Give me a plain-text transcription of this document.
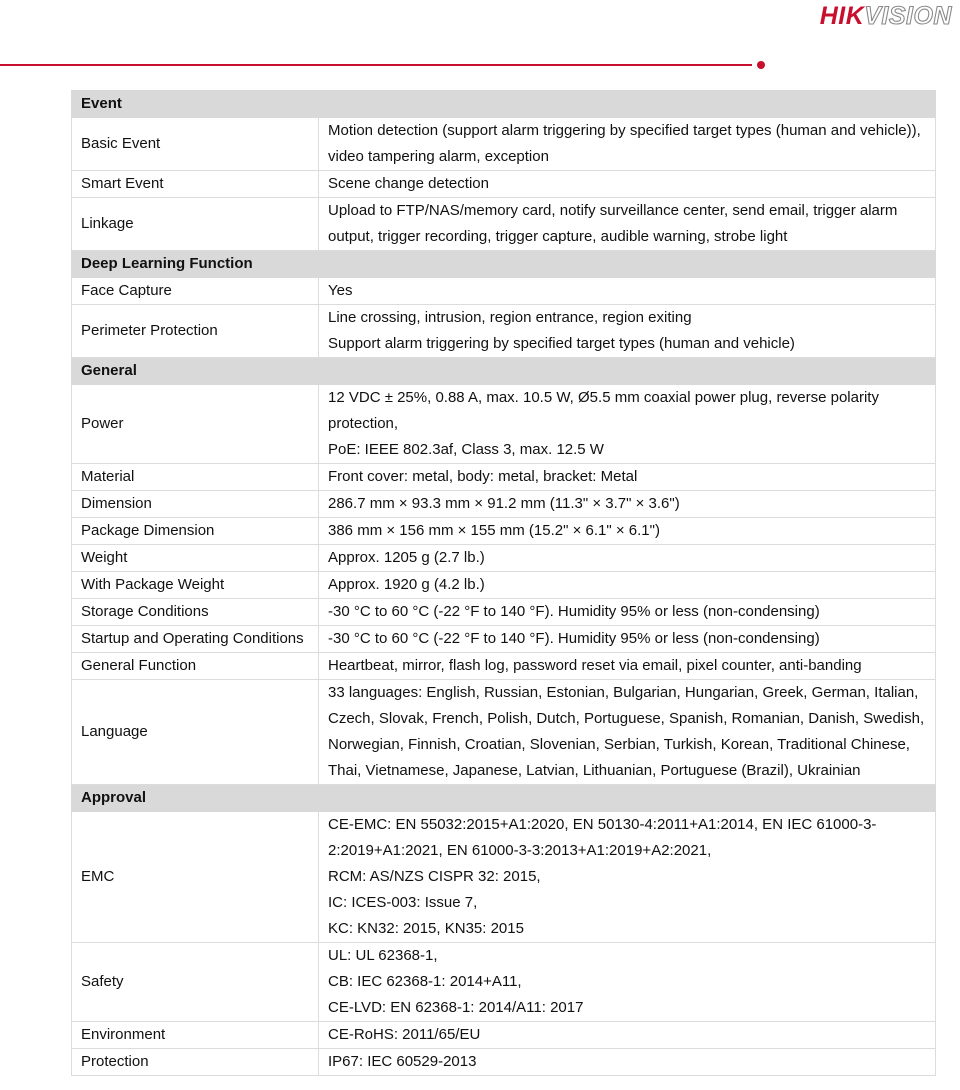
HIKVISION
Event	
Basic Event	Motion detection (support alarm triggering by specified target types (human and vehicle)), video tampering alarm, exception
Smart Event	Scene change detection
Linkage	Upload to FTP/NAS/memory card, notify surveillance center, send email, trigger alarm output, trigger recording, trigger capture, audible warning, strobe light
Deep Learning Function	
Face Capture	Yes
Perimeter Protection	Line crossing, intrusion, region entrance, region exiting
Support alarm triggering by specified target types (human and vehicle)
General	
Power	12 VDC ± 25%, 0.88 A, max. 10.5 W, Ø5.5 mm coaxial power plug, reverse polarity protection,
PoE: IEEE 802.3af, Class 3, max. 12.5 W
Material	Front cover: metal, body: metal, bracket: Metal
Dimension	286.7 mm × 93.3 mm × 91.2 mm (11.3" × 3.7" × 3.6")
Package Dimension	386 mm × 156 mm × 155 mm (15.2" × 6.1" × 6.1")
Weight	Approx. 1205 g (2.7 lb.)
With Package Weight	Approx. 1920 g (4.2 lb.)
Storage Conditions	-30 °C to 60 °C (-22 °F to 140 °F). Humidity 95% or less (non-condensing)
Startup and Operating Conditions	-30 °C to 60 °C (-22 °F to 140 °F). Humidity 95% or less (non-condensing)
General Function	Heartbeat, mirror, flash log, password reset via email, pixel counter, anti-banding
Language	33 languages: English, Russian, Estonian, Bulgarian, Hungarian, Greek, German, Italian, Czech, Slovak, French, Polish, Dutch, Portuguese, Spanish, Romanian, Danish, Swedish, Norwegian, Finnish, Croatian, Slovenian, Serbian, Turkish, Korean, Traditional Chinese, Thai, Vietnamese, Japanese, Latvian, Lithuanian, Portuguese (Brazil), Ukrainian
Approval	
EMC	CE-EMC: EN 55032:2015+A1:2020, EN 50130-4:2011+A1:2014, EN IEC 61000-3-2:2019+A1:2021, EN 61000-3-3:2013+A1:2019+A2:2021,
RCM: AS/NZS CISPR 32: 2015,
IC: ICES-003: Issue 7,
KC: KN32: 2015, KN35: 2015
Safety	UL: UL 62368-1,
CB: IEC 62368-1: 2014+A11,
CE-LVD: EN 62368-1: 2014/A11: 2017
Environment	CE-RoHS: 2011/65/EU
Protection	IP67: IEC 60529-2013
